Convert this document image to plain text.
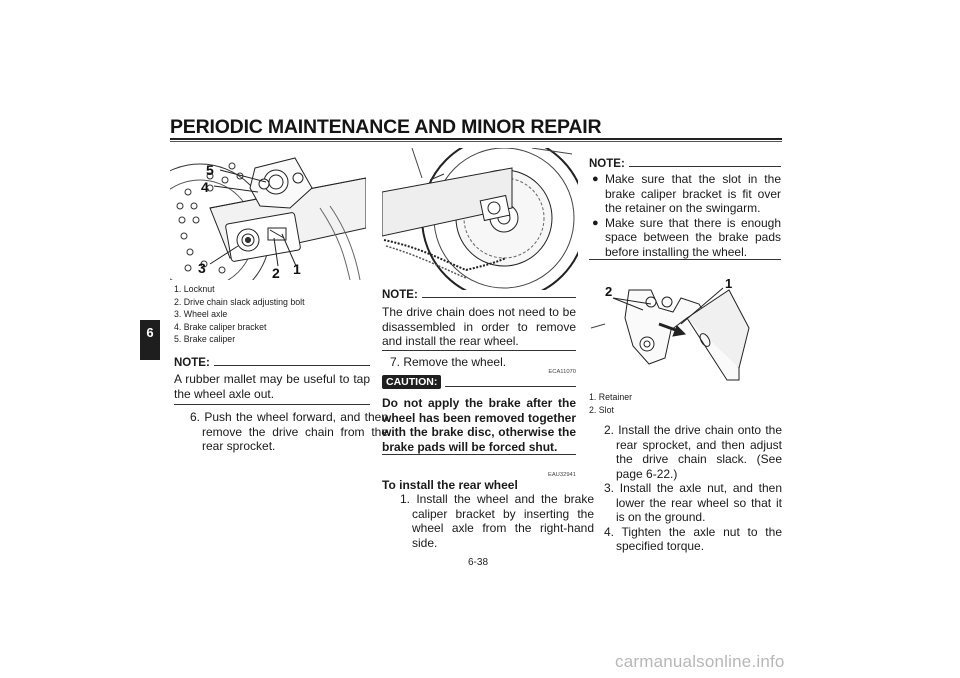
PERIODIC MAINTENANCE AND MINOR REPAIR
6
5
4
3	2 1
1. Locknut
2. Drive chain slack adjusting bolt
3. Wheel axle
4. Brake caliper bracket
5. Brake caliper
NOTE:
A rubber mallet may be useful to tap the wheel axle out.
6. Push the wheel forward, and then remove the drive chain from the rear sprocket.
NOTE:
The drive chain does not need to be disassembled in order to remove and install the rear wheel.
7. Remove the wheel.
ECA11070
CAUTION:
Do not apply the brake after the wheel has been removed together with the brake disc, otherwise the brake pads will be forced shut.
EAU32941
To install the rear wheel
1. Install the wheel and the brake caliper bracket by inserting the wheel axle from the right-hand side.
NOTE:
● Make sure that the slot in the brake caliper bracket is fit over the retainer on the swingarm.
● Make sure that there is enough space between the brake pads before installing the wheel.
2
1
1. Retainer
2. Slot
2. Install the drive chain onto the rear sprocket, and then adjust the drive chain slack. (See page 6-22.)
3. Install the axle nut, and then lower the rear wheel so that it is on the ground.
4. Tighten the axle nut to the specified torque.
6-38
carmanualsonline.info
